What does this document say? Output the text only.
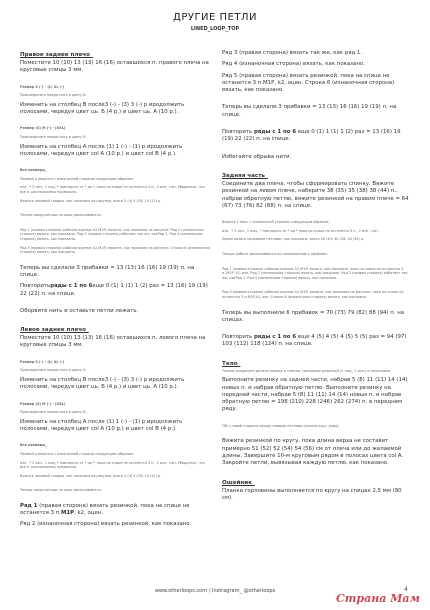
ДРУГИЕ ПЕТЛИ
LINED_LOOP_TOP
Правое заднее плечо_
Поместите 10 (10) 13 (13) 16 (16) оставшихся п. правого плеча на круговые спицы 3 мм.
Размер S (-) - (L) XL (-)
Присоедините новую нить в цвету B.
Изменить на столбец В после3 (-) - (3) 3 (-) р иродолжить полосами, чередуя цвет ць. Б (4 р.) и цвет ць. А (10 р.).
Размер (S) M (-) - (XXL)
Присоедините новую нить в цвету B.
Изменить на столбец А после (1) 1 (-) - (1) р иродолжить полосами, чередуя цвет col A (10 р.) и цвет col B (4 р.).
Все размеры_
Первый р вяжется с изнаночной стороны следующим образом:
изн., * 2 изн., 1 лиц, * повторить от * до *, пока на спице не останется 3 п., 2 изн., изн. Убедитесь, что все п. расположены правильно.
Вяжите лицевой гладью, как показано на рисунке, всего 2 (4) 4 (10) 10 (12) р.
Теперь накрученные на шею увеличиваются.
Ряд 1 (правая сторона) рабочая оценка: k2,M1R; вяжите, как показано на рисунке. Ряд 2 (изнаночная сторона) вязать, как показано. Ряд 3 (правая сторона) работает так же, какРяд 1. Ряд 4 (изнаночная сторона) вязать, как показано.
Ряд 5 (правая сторона) рабочая оценка: k2,M1R; вяжите, как показано на рисунке. Строка 6 (изнаночная сторона) вязать, как показано.
Теперь вы сделали 3 прибавки = 13 (13) 16 (16) 19 (19) п. на спице.
Повторитьряды с 1 по 6еще 0 (1) 1 (1) 1 (2) раз = 13 (16) 19 (19) 22 (22) п. на спице.
Оборвите нить и оставьте петли лежать.
Левое заднее плечо_
Поместите 10 (10) 13 (13) 16 (16) оставшихся п. левого плеча на круговые спицы 3 мм.
Размер S (-) - (L) XL (-)
Присоедините новую нить в цвету A.
Изменить на столбец В после3 (-) - (3) 3 (-) р иродолжить полосами, чередуя цвет ць. Б (4 р.) и цвет ць. А (10 р.).
Размер (S) M (-) - (XXL)
Присоедините новую нить в цвету B.
Изменить на столбец А после (1) 1 (-) - (1) р иродолжить полосами, чередуя цвет col A (10 р.) и цвет col B (4 р.).
Все размеры_
Первый р вяжется с изнаночной стороны следующим образом:
изн., * 2 изн., 1 лиц, * повторить от * до *, пока на спице не останется 3 п., 2 изн., изн. Убедитесь, что все п. расположены правильно.
Вяжите лицевой гладью, как показано на рисунке, всего 2 (4) 4 (10) 10 (12) р.
Теперь накрученные на шею увеличиваются.
Ряд 1 (правая сторона) вязать резинкой, пока на спице не останется 3 п.M1P, k2, оцен.
Ряд 2 (изнаночная сторона) вязать резинкой, как показано.
Ряд 3 (правая сторона) вязать так же, как ряд 1.
Ряд 4 (изнаночная сторона) вязать, как показано.
Ряд 5 (правая сторона) вязать резинкой, пока на спице не останется 3 п.M1P, k2, оцен. Строка 6 (изнаночная сторона) вязать, как показано.
Теперь вы сделали 3 прибавки = 13 (13) 16 (16) 19 (19) п. на спице.
Повторить ряды с 1 по 6 еще 0 (1) 1 (1) 1 (2) раз = 13 (16) 19 (19) 22 (22) п. на спице.
Избегайте обрыва нити.
Задняя часть_
Соедините два плеча, чтобы сформировать спинку. Вяжите резинкой на левом плече, наберите 38 (35) 35 (38) 38 (44) п., набрав обратную петлю, вяжите резинкой на правом плече = 64 (67) 73 (76) 82 (88) п. на спице.
Вяжите 1 пиш. с изнаночной стороны следующим образом:
изн., * 2 изн., 1 лиц., * повторить от * до * пока на спице не останется 3 п., 2 изн., изн.
Далее вязать лицевыми петлями, как показано, всего 40 (40) 40 (34) 34 (34) р.
Теперь работа увеличивается по направлению к проймам.
Ряд 1 (правая сторона) рабочая оценка: k2,M1R, вязать, как показано, пока на спице не останется 3 п.,M1P, k2, изн. Ряд 2 (изнаночная сторона) вязать, как показано. Ряд 3 (правая сторона) работает так же, какРяд 1. Ряд 4 (изнаночная сторона) вязать, как показано.
Ряд 5 (правая сторона) рабочая оценка: k2,M1R, вяжите, как показано на рисунке, пока на спице не останется 3 п.M1P,k2, изн. Строка 6 (изнаночная сторона) вязать, как показано.
Теперь вы выполнили 6 прибавок = 70 (73) 79 (82) 88 (94) п. на спицах.
Повторить ряды с 1 по 6 еще 4 (5) 4 (5) 4 (5) 5 (5) раз = 94 (97) 103 (112) 118 (124) п. на спице.
Тело_
Теперь соедините детали переда и спинки, связанные резинкой (2 лиц., 1 изн.) и полосками.
Выполните резинку на задней части, набрав 5 (8) 11 (11) 14 (14) новых п. и набрав обратную петлю. Выполните резинку на передней части, набрав 5 (8) 11 (11) 14 (14) новых п. и набрав обратную петлю = 198 (210) 228 (246) 262 (274) п. в переднем ряду.
ПМ с новой стороны между новыми петлями (начало круг. ряда).
Вяжите резинкой по кругу, пока длина верха не составит примерно 51 (52) 52 (54) 54 (56) см от плеча или до желаемой длины. Завершите 10-м круговым рядом в полосах цвета col A. Закройте петли, вывязывая каждую петлю, как показано.
Ошейник_
Планка горловины выполняется по кругу на спицах 2,5 мм (80 см).
www.otherloops.com / Instragram_ @otherloops	4
Страна Мам
